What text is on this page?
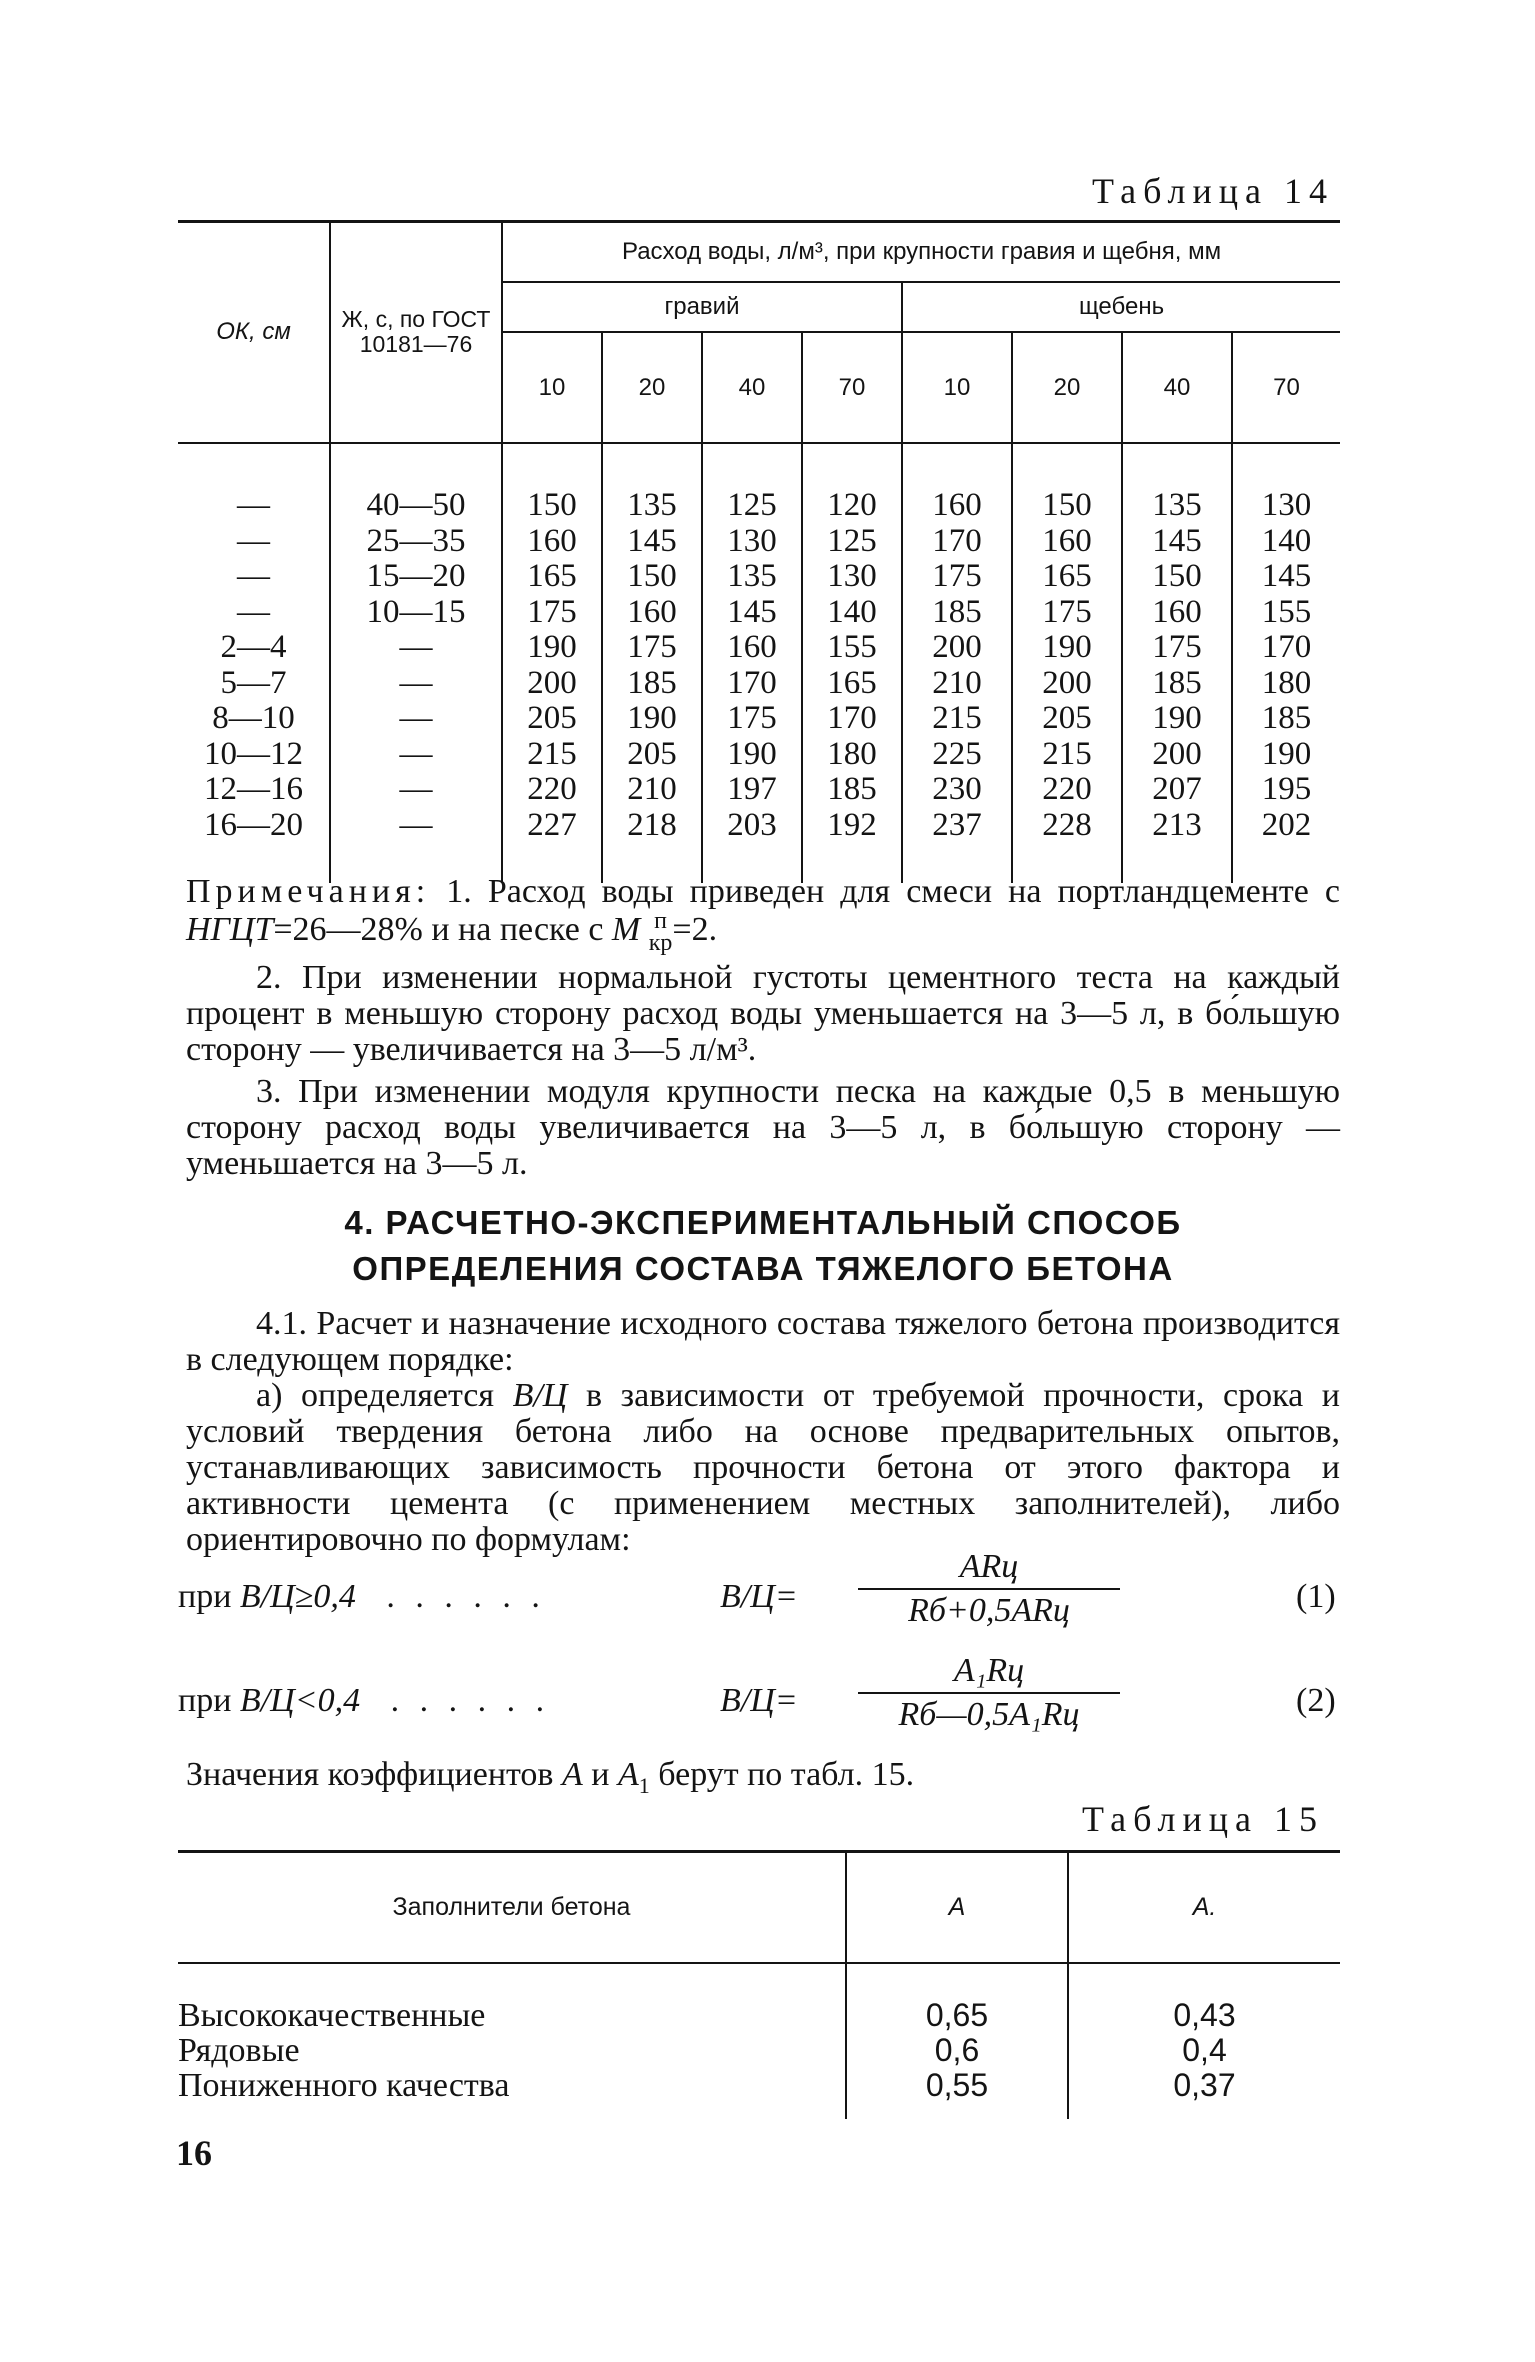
Таблица 14
ОК, см	Ж, с, по ГОСТ 10181—76	Расход воды, л/м³, при крупности гравия и щебня, мм							
		гравий				щебень			
		10	20	40	70	10	20	40	70

—	40—50	150	135	125	120	160	150	135	130
—	25—35	160	145	130	125	170	160	145	140
—	15—20	165	150	135	130	175	165	150	145
—	10—15	175	160	145	140	185	175	160	155
2—4	—	190	175	160	155	200	190	175	170
5—7	—	200	185	170	165	210	200	185	180
8—10	—	205	190	175	170	215	205	190	185
10—12	—	215	205	190	180	225	215	200	190
12—16	—	220	210	197	185	230	220	207	195
16—20	—	227	218	203	192	237	228	213	202

Примечания: 1. Расход воды приведен для смеси на портландцементе с НГЦТ=26—28% и на песке с М п
кр =2.

2. При изменении нормальной густоты цементного теста на каждый процент в меньшую сторону расход воды уменьшается на 3—5 л, в бо́льшую сторону — увеличивается на 3—5 л/м³.

3. При изменении модуля крупности песка на каждые 0,5 в меньшую сторону расход воды увеличивается на 3—5 л, в бо́льшую сторону — уменьшается на 3—5 л.

4. РАСЧЕТНО-ЭКСПЕРИМЕНТАЛЬНЫЙ СПОСОБ
ОПРЕДЕЛЕНИЯ СОСТАВА ТЯЖЕЛОГО БЕТОНА

4.1. Расчет и назначение исходного состава тяжелого бетона производится в следующем порядке:

а) определяется В/Ц в зависимости от требуемой прочности, срока и условий твердения бетона либо на основе предварительных опытов, устанавливающих зависимость прочности бетона от этого фактора и активности цемента (с применением местных заполнителей), либо ориентировочно по формулам:

при В/Ц≥0,4 . . . . . .	В/Ц=
ARц
Rб+0,5ARц	(1)
при В/Ц<0,4 . . . . . .	В/Ц=
A₁Rц
Rб—0,5A₁Rц	(2)
Значения коэффициентов А и $А_1$ берут по табл. 15.
Таблица 15
Заполнители бетона	A	A.

Высококачественные	0,65	0,43
Рядовые	0,6	0,4
Пониженного качества	0,55	0,37

16
